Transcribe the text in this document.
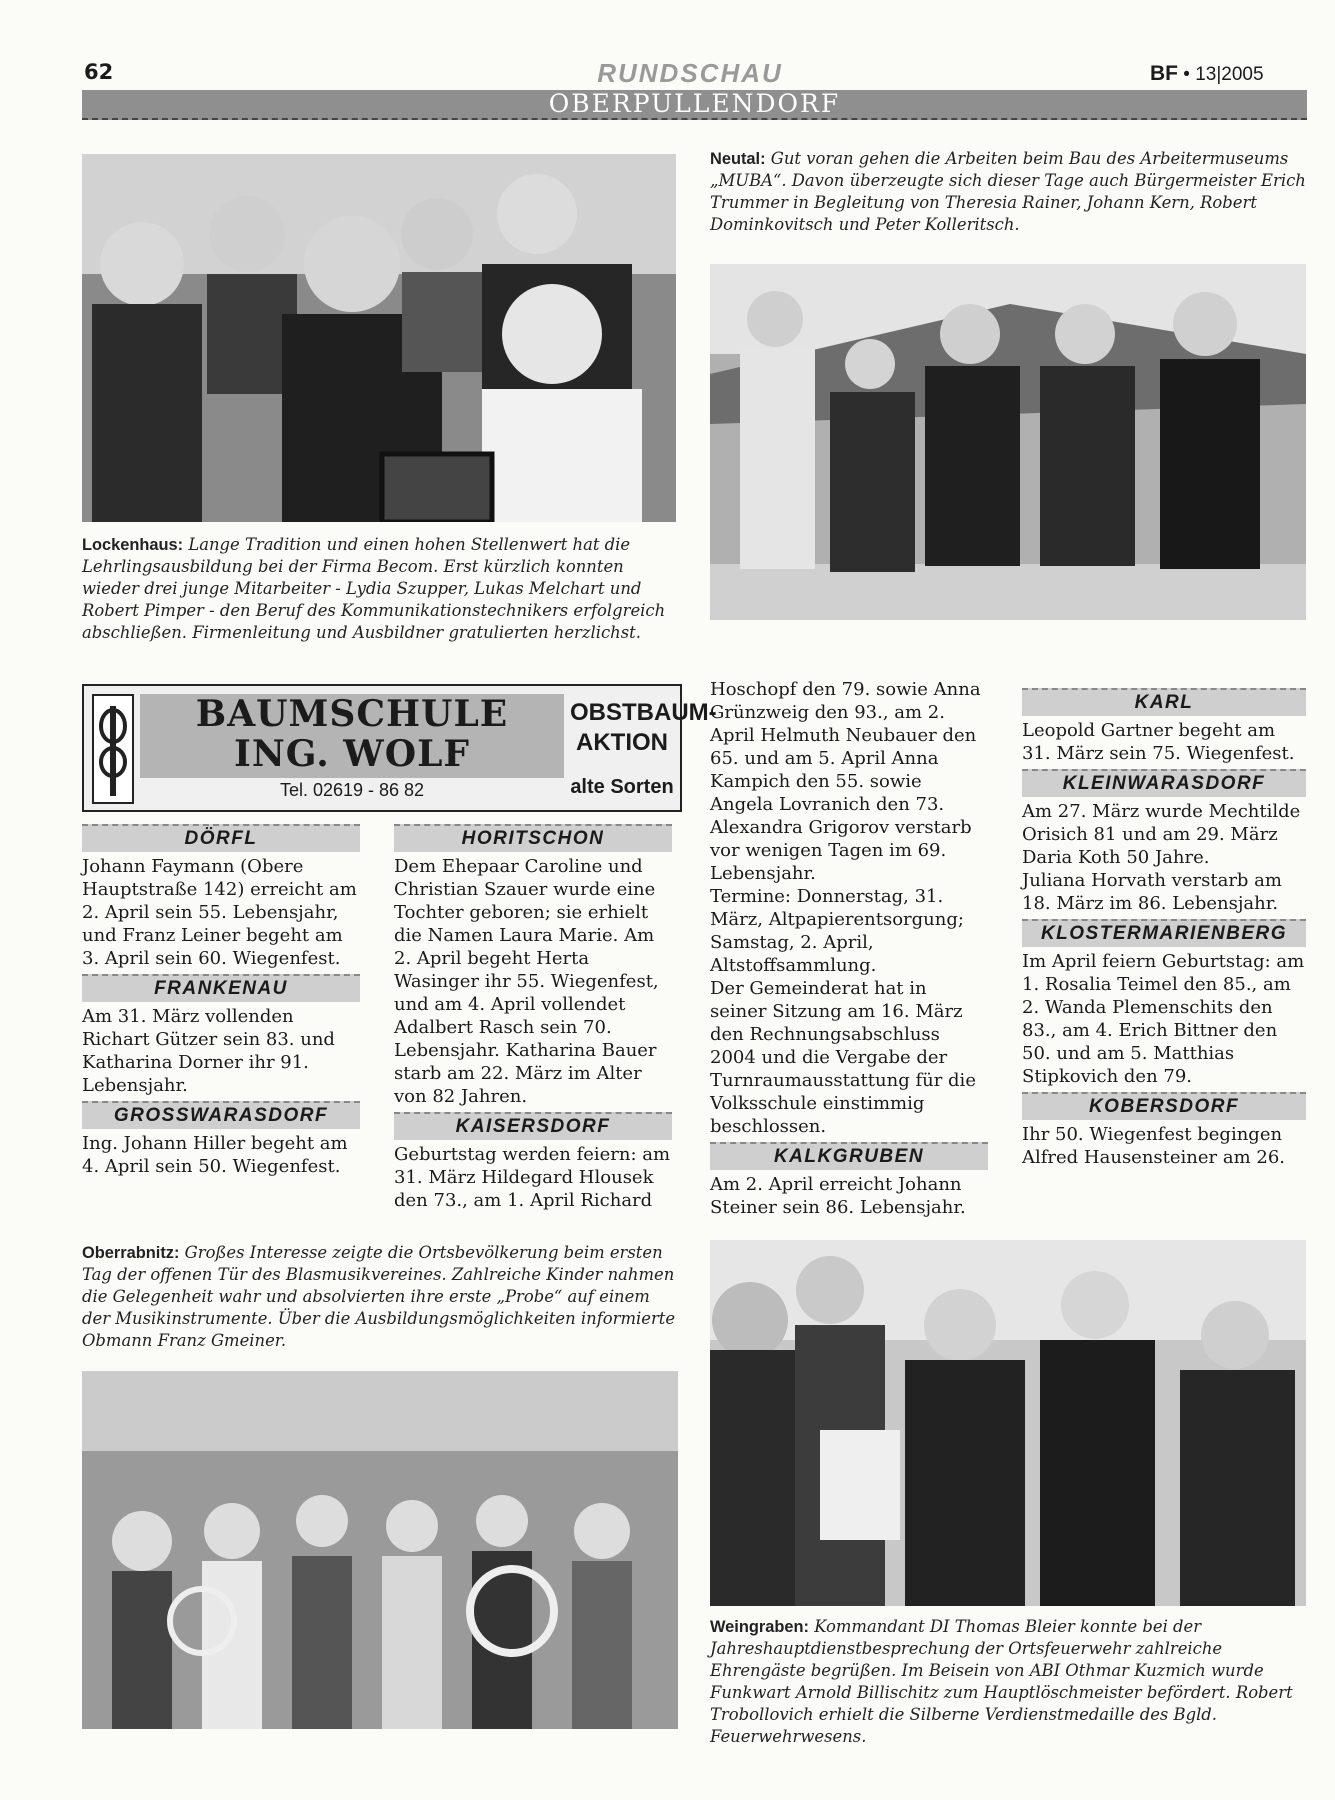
62	RUNDSCHAU	BF • 13|2005
OBERPULLENDORF
Lockenhaus: Lange Tradition und einen hohen Stellenwert hat die Lehrlingsausbildung bei der Firma Becom. Erst kürzlich konnten wieder drei junge Mitarbeiter - Lydia Szupper, Lukas Melchart und Robert Pimper - den Beruf des Kommunikationstechnikers erfolgreich abschließen. Firmenleitung und Ausbildner gratulierten herzlichst.
Neutal: Gut voran gehen die Arbeiten beim Bau des Arbeitermuseums „MUBA“. Davon überzeugte sich dieser Tage auch Bürgermeister Erich Trummer in Begleitung von Theresia Rainer, Johann Kern, Robert Dominkovitsch und Peter Kolleritsch.
Oberrabnitz: Großes Interesse zeigte die Ortsbevölkerung beim ersten Tag der offenen Tür des Blasmusikvereines. Zahlreiche Kinder nahmen die Gelegenheit wahr und absolvierten ihre erste „Probe“ auf einem der Musikinstrumente. Über die Ausbildungsmöglichkeiten informierte Obmann Franz Gmeiner.
Weingraben: Kommandant DI Thomas Bleier konnte bei der Jahreshauptdienstbesprechung der Ortsfeuerwehr zahlreiche Ehrengäste begrüßen. Im Beisein von ABI Othmar Kuzmich wurde Funkwart Arnold Billischitz zum Hauptlöschmeister befördert. Robert Trobollovich erhielt die Silberne Verdienstmedaille des Bgld. Feuerwehrwesens.
BAUMSCHULE
ING. WOLF
Tel. 02619 - 86 82
OBSTBAUM-AKTION
alte Sorten
DÖRFL

Johann Faymann (Obere Hauptstraße 142) erreicht am 2. April sein 55. Lebensjahr, und Franz Leiner begeht am 3. April sein 60. Wiegenfest.

FRANKENAU

Am 31. März vollenden Richart Gützer sein 83. und Katharina Dorner ihr 91. Lebensjahr.

GROSSWARASDORF

Ing. Johann Hiller begeht am 4. April sein 50. Wiegenfest.

HORITSCHON

Dem Ehepaar Caroline und Christian Szauer wurde eine Tochter geboren; sie erhielt die Namen Laura Marie. Am 2. April begeht Herta Wasinger ihr 55. Wiegenfest, und am 4. April vollendet Adalbert Rasch sein 70. Lebensjahr. Katharina Bauer starb am 22. März im Alter von 82 Jahren.

KAISERSDORF

Geburtstag werden feiern: am 31. März Hildegard Hlousek den 73., am 1. April Richard

Hoschopf den 79. sowie Anna Grünzweig den 93., am 2. April Helmuth Neubauer den 65. und am 5. April Anna Kampich den 55. sowie Angela Lovranich den 73.

Alexandra Grigorov verstarb vor wenigen Tagen im 69. Lebensjahr.

Termine: Donnerstag, 31. März, Altpapierentsorgung; Samstag, 2. April, Altstoffsammlung.

Der Gemeinderat hat in seiner Sitzung am 16. März den Rechnungsabschluss 2004 und die Vergabe der Turnraumausstattung für die Volksschule einstimmig beschlossen.

KALKGRUBEN

Am 2. April erreicht Johann Steiner sein 86. Lebensjahr.

KARL

Leopold Gartner begeht am 31. März sein 75. Wiegenfest.

KLEINWARASDORF

Am 27. März wurde Mechtilde Orisich 81 und am 29. März Daria Koth 50 Jahre.

Juliana Horvath verstarb am 18. März im 86. Lebensjahr.

KLOSTERMARIENBERG

Im April feiern Geburtstag: am 1. Rosalia Teimel den 85., am 2. Wanda Plemenschits den 83., am 4. Erich Bittner den 50. und am 5. Matthias Stipkovich den 79.

KOBERSDORF

Ihr 50. Wiegenfest begingen Alfred Hausensteiner am 26.
